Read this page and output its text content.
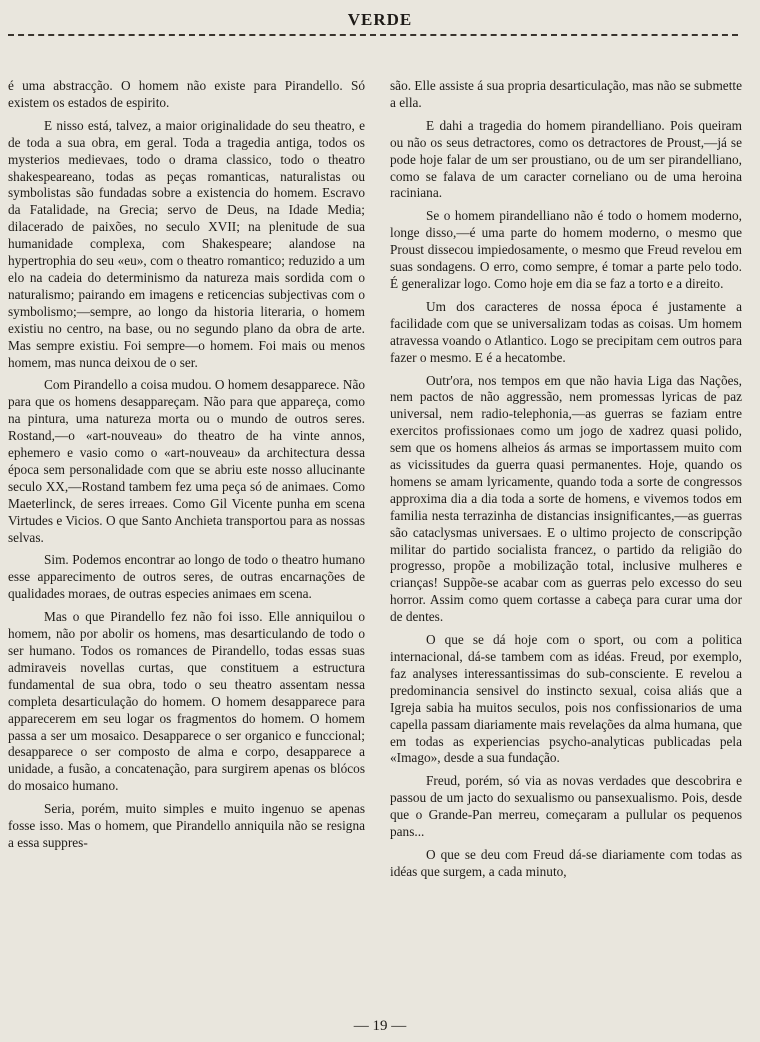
VERDE

é uma abstracção. O homem não existe para Pirandello. Só existem os estados de espirito.

E nisso está, talvez, a maior originalidade do seu theatro, e de toda a sua obra, em geral. Toda a tragedia antiga, todos os mysterios medievaes, todo o drama classico, todo o theatro shakespeareano, todas as peças romanticas, naturalistas ou symbolistas são fundadas sobre a existencia do homem. Escravo da Fatalidade, na Grecia; servo de Deus, na Idade Media; dilacerado de paixões, no seculo XVII; na plenitude de sua humanidade complexa, com Shakespeare; alandose na hypertrophia do seu «eu», com o theatro romantico; reduzido a um elo na cadeia do determinismo da natureza mais sordida com o naturalismo; pairando em imagens e reticencias subjectivas com o symbolismo;—sempre, ao longo da historia literaria, o homem existiu no centro, na base, ou no segundo plano da obra de arte. Mas sempre existiu. Foi sempre—o homem. Foi mais ou menos homem, mas nunca deixou de o ser.

Com Pirandello a coisa mudou. O homem desapparece. Não para que os homens desappareçam. Não para que appareça, como na pintura, uma natureza morta ou o mundo de outros seres. Rostand,—o «art-nouveau» do theatro de ha vinte annos, ephemero e vasio como o «art-nouveau» da architectura dessa época sem personalidade com que se abriu este nosso allucinante seculo XX,—Rostand tambem fez uma peça só de animaes. Como Maeterlinck, de seres irreaes. Como Gil Vicente punha em scena Virtudes e Vicios. O que Santo Anchieta transportou para as nossas selvas.

Sim. Podemos encontrar ao longo de todo o theatro humano esse apparecimento de outros seres, de outras encarnações de qualidades moraes, de outras especies animaes em scena.

Mas o que Pirandello fez não foi isso. Elle anniquilou o homem, não por abolir os homens, mas desarticulando de todo o ser humano. Todos os romances de Pirandello, todas essas suas admiraveis novellas curtas, que constituem a estructura fundamental de sua obra, todo o seu theatro assentam nessa completa desarticulação do homem. O homem desapparece para apparecerem em seu logar os fragmentos do homem. O homem passa a ser um mosaico. Desapparece o ser organico e funccional; desapparece o ser composto de alma e corpo, desapparece a unidade, a fusão, a concatenação, para surgirem apenas os blócos do mosaico humano.

Seria, porém, muito simples e muito ingenuo se apenas fosse isso. Mas o homem, que Pirandello anniquila não se resigna a essa suppres-

são. Elle assiste á sua propria desarticulação, mas não se submette a ella.

E dahi a tragedia do homem pirandelliano. Pois queiram ou não os seus detractores, como os detractores de Proust,—já se pode hoje falar de um ser proustiano, ou de um ser pirandelliano, como se falava de um caracter corneliano ou de uma heroina raciniana.

Se o homem pirandelliano não é todo o homem moderno, longe disso,—é uma parte do homem moderno, o mesmo que Proust dissecou impiedosamente, o mesmo que Freud revelou em suas sondagens. O erro, como sempre, é tomar a parte pelo todo. É generalizar logo. Como hoje em dia se faz a torto e a direito.

Um dos caracteres de nossa época é justamente a facilidade com que se universalizam todas as coisas. Um homem atravessa voando o Atlantico. Logo se precipitam cem outros para fazer o mesmo. E é a hecatombe.

Outr'ora, nos tempos em que não havia Liga das Nações, nem pactos de não aggressão, nem promessas lyricas de paz universal, nem radio-telephonia,—as guerras se faziam entre exercitos profissionaes como um jogo de xadrez quasi polido, sem que os homens alheios ás armas se importassem muito com as vicissitudes da guerra quasi permanentes. Hoje, quando os homens se amam lyricamente, quando toda a sorte de congressos approxima dia a dia toda a sorte de homens, e vivemos todos em familia nesta terrazinha de distancias insignificantes,—as guerras são cataclysmas universaes. E o ultimo projecto de conscripção militar do partido socialista francez, o partido da religião do progresso, propõe a mobilização total, inclusive mulheres e crianças! Suppõe-se acabar com as guerras pelo excesso do seu horror. Assim como quem cortasse a cabeça para curar uma dor de dentes.

O que se dá hoje com o sport, ou com a politica internacional, dá-se tambem com as idéas. Freud, por exemplo, faz analyses interessantissimas do sub-consciente. E revelou a predominancia sensivel do instincto sexual, coisa aliás que a Igreja sabia ha muitos seculos, pois nos confissionarios de uma capella passam diariamente mais revelações da alma humana, que em todas as experiencias psycho-analyticas publicadas pela «Imago», desde a sua fundação.

Freud, porém, só via as novas verdades que descobrira e passou de um jacto do sexualismo ou pansexualismo. Pois, desde que o Grande-Pan merreu, começaram a pullular os pequenos pans...

O que se deu com Freud dá-se diariamente com todas as idéas que surgem, a cada minuto,

— 19 —
